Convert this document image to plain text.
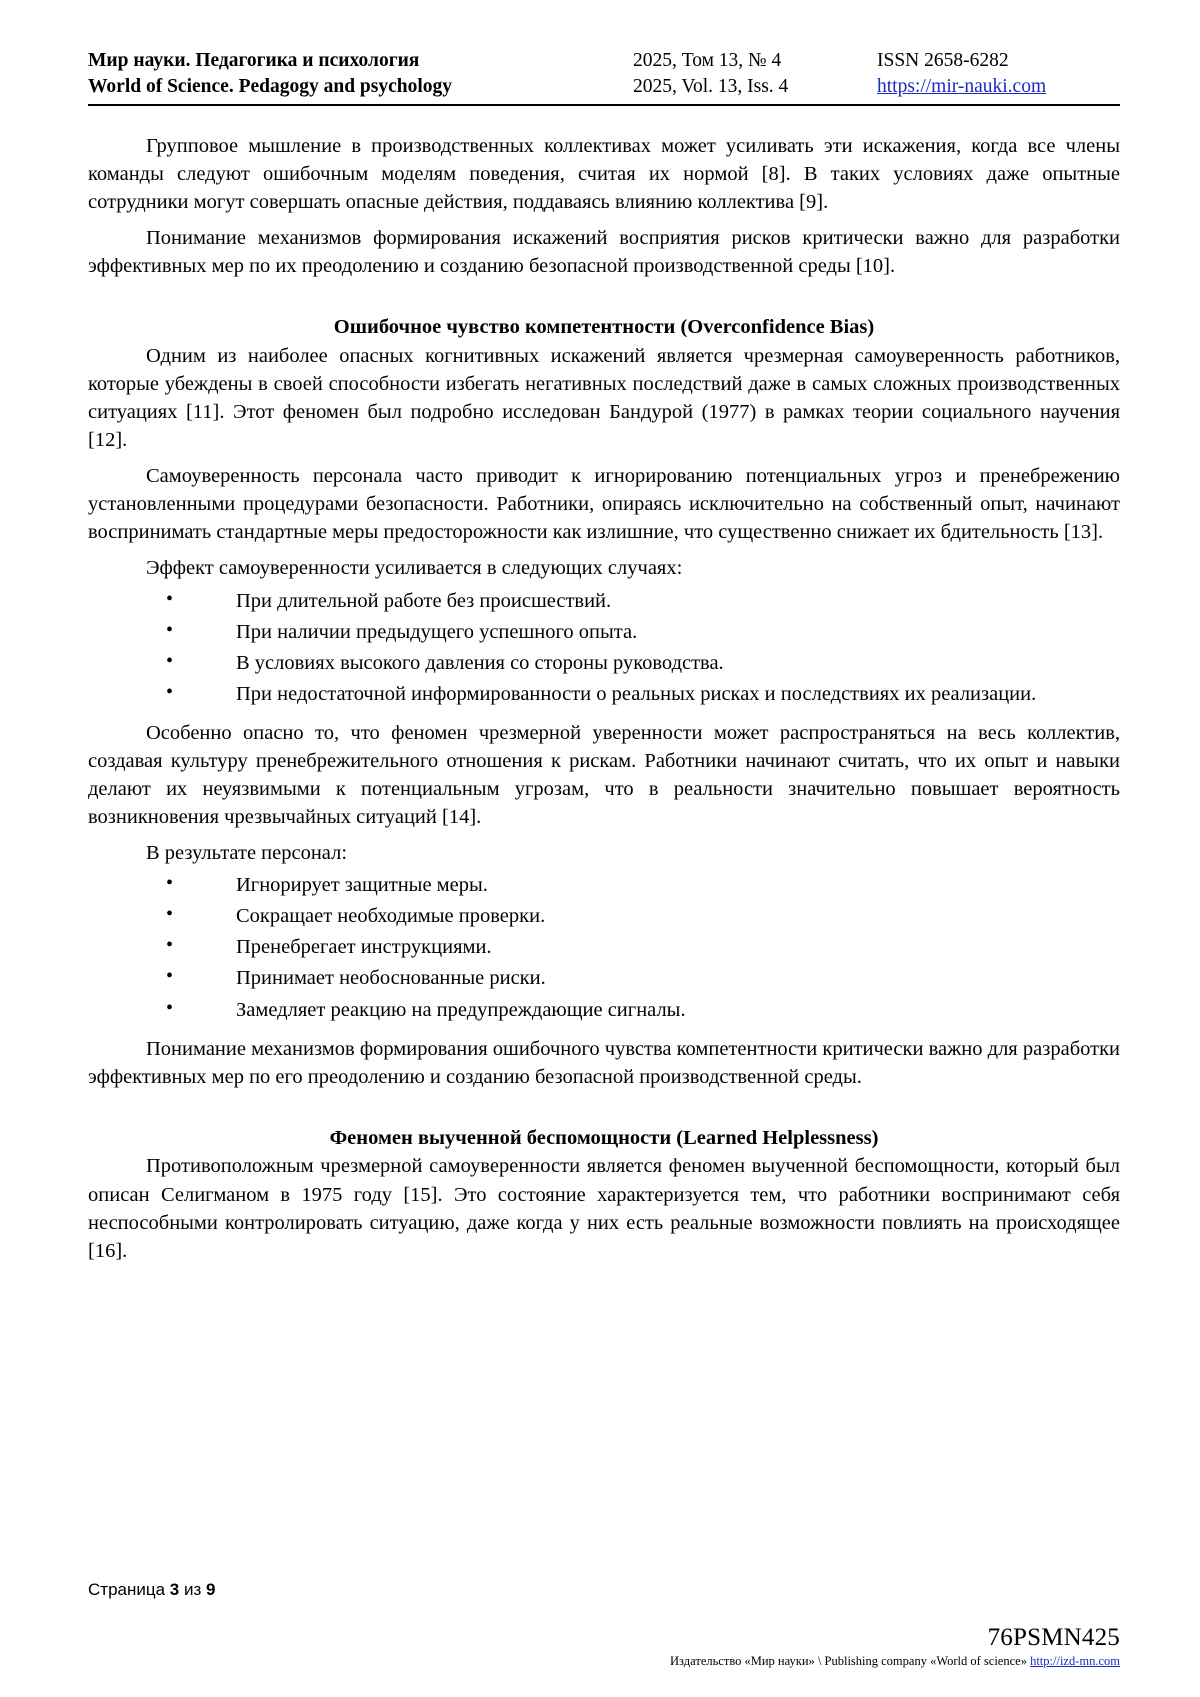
Мир науки. Педагогика и психология	2025, Том 13, № 4	ISSN 2658-6282
World of Science. Pedagogy and psychology	2025, Vol. 13, Iss. 4	https://mir-nauki.com

Групповое мышление в производственных коллективах может усиливать эти искажения, когда все члены команды следуют ошибочным моделям поведения, считая их нормой [8]. В таких условиях даже опытные сотрудники могут совершать опасные действия, поддаваясь влиянию коллектива [9].

Понимание механизмов формирования искажений восприятия рисков критически важно для разработки эффективных мер по их преодолению и созданию безопасной производственной среды [10].

Ошибочное чувство компетентности (Overconfidence Bias)

Одним из наиболее опасных когнитивных искажений является чрезмерная самоуверенность работников, которые убеждены в своей способности избегать негативных последствий даже в самых сложных производственных ситуациях [11]. Этот феномен был подробно исследован Бандурой (1977) в рамках теории социального научения [12].

Самоуверенность персонала часто приводит к игнорированию потенциальных угроз и пренебрежению установленными процедурами безопасности. Работники, опираясь исключительно на собственный опыт, начинают воспринимать стандартные меры предосторожности как излишние, что существенно снижает их бдительность [13].

Эффект самоуверенности усиливается в следующих случаях:

•	При длительной работе без происшествий.
•	При наличии предыдущего успешного опыта.
•	В условиях высокого давления со стороны руководства.
•	При недостаточной информированности о реальных рисках и последствиях их реализации.

Особенно опасно то, что феномен чрезмерной уверенности может распространяться на весь коллектив, создавая культуру пренебрежительного отношения к рискам. Работники начинают считать, что их опыт и навыки делают их неуязвимыми к потенциальным угрозам, что в реальности значительно повышает вероятность возникновения чрезвычайных ситуаций [14].

В результате персонал:

•	Игнорирует защитные меры.
•	Сокращает необходимые проверки.
•	Пренебрегает инструкциями.
•	Принимает необоснованные риски.
•	Замедляет реакцию на предупреждающие сигналы.

Понимание механизмов формирования ошибочного чувства компетентности критически важно для разработки эффективных мер по его преодолению и созданию безопасной производственной среды.

Феномен выученной беспомощности (Learned Helplessness)

Противоположным чрезмерной самоуверенности является феномен выученной беспомощности, который был описан Селигманом в 1975 году [15]. Это состояние характеризуется тем, что работники воспринимают себя неспособными контролировать ситуацию, даже когда у них есть реальные возможности повлиять на происходящее [16].

Страница 3 из 9
76PSMN425
Издательство «Мир науки» \ Publishing company «World of science» http://izd-mn.com
